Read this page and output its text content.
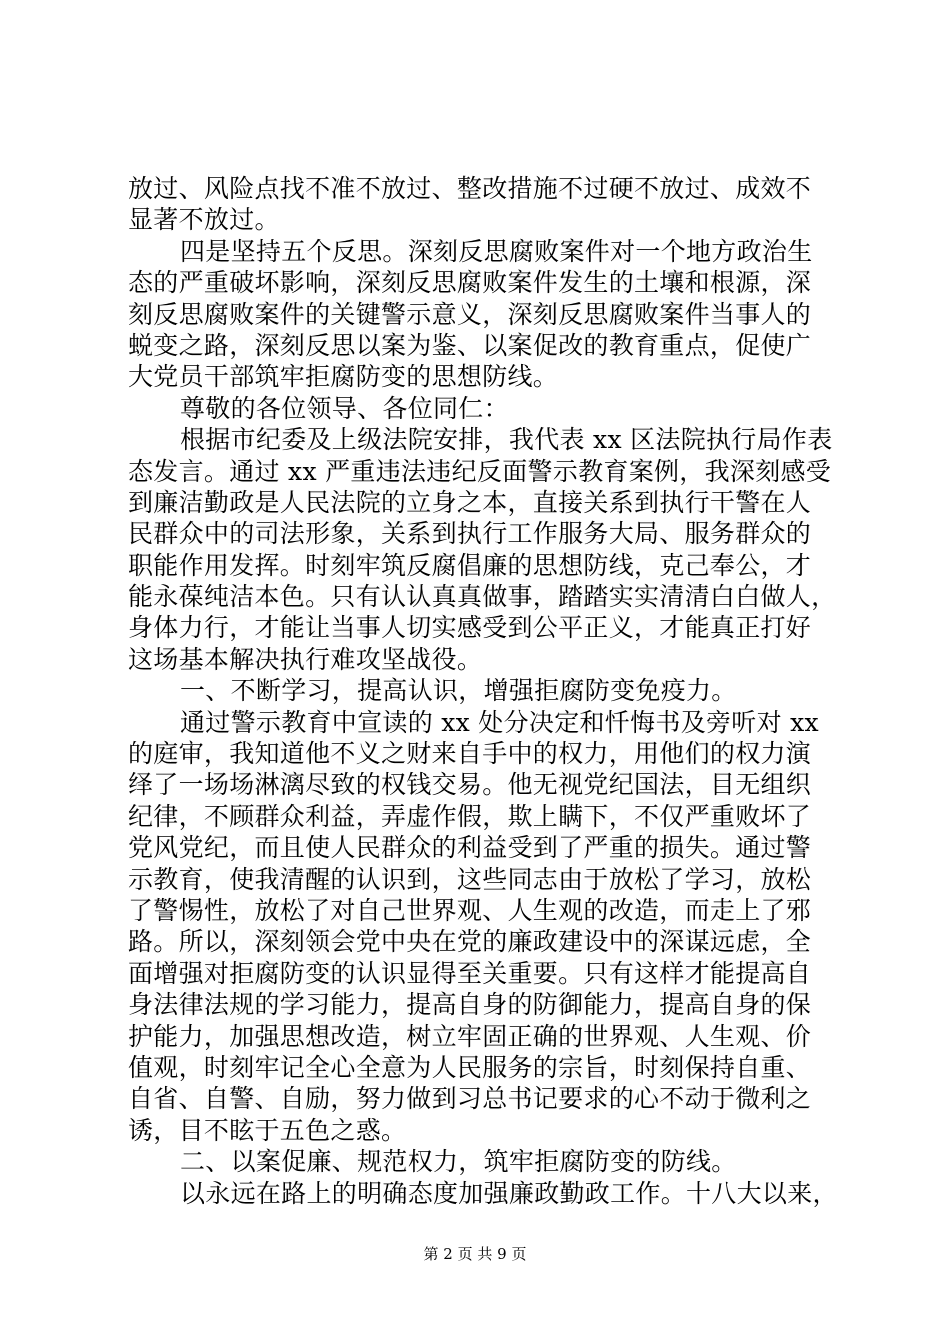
放过、风险点找不准不放过、整改措施不过硬不放过、成效不
显著不放过。
四是坚持五个反思。深刻反思腐败案件对一个地方政治生
态的严重破坏影响，深刻反思腐败案件发生的土壤和根源，深
刻反思腐败案件的关键警示意义，深刻反思腐败案件当事人的
蜕变之路，深刻反思以案为鉴、以案促改的教育重点，促使广
大党员干部筑牢拒腐防变的思想防线。
尊敬的各位领导、各位同仁：
根据市纪委及上级法院安排，我代表 xx 区法院执行局作表
态发言。通过 xx 严重违法违纪反面警示教育案例，我深刻感受
到廉洁勤政是人民法院的立身之本，直接关系到执行干警在人
民群众中的司法形象，关系到执行工作服务大局、服务群众的
职能作用发挥。时刻牢筑反腐倡廉的思想防线，克己奉公，才
能永葆纯洁本色。只有认认真真做事，踏踏实实清清白白做人，
身体力行，才能让当事人切实感受到公平正义，才能真正打好
这场基本解决执行难攻坚战役。
一、不断学习，提高认识，增强拒腐防变免疫力。
通过警示教育中宣读的 xx 处分决定和忏悔书及旁听对 xx
的庭审，我知道他不义之财来自手中的权力，用他们的权力演
绎了一场场淋漓尽致的权钱交易。他无视党纪国法，目无组织
纪律，不顾群众利益，弄虚作假，欺上瞒下，不仅严重败坏了
党风党纪，而且使人民群众的利益受到了严重的损失。通过警
示教育，使我清醒的认识到，这些同志由于放松了学习，放松
了警惕性，放松了对自己世界观、人生观的改造，而走上了邪
路。所以，深刻领会党中央在党的廉政建设中的深谋远虑，全
面增强对拒腐防变的认识显得至关重要。只有这样才能提高自
身法律法规的学习能力，提高自身的防御能力，提高自身的保
护能力，加强思想改造，树立牢固正确的世界观、人生观、价
值观，时刻牢记全心全意为人民服务的宗旨，时刻保持自重、
自省、自警、自励，努力做到习总书记要求的心不动于微利之
诱，目不眩于五色之惑。
二、以案促廉、规范权力，筑牢拒腐防变的防线。
以永远在路上的明确态度加强廉政勤政工作。十八大以来，
第 2 页 共 9 页
